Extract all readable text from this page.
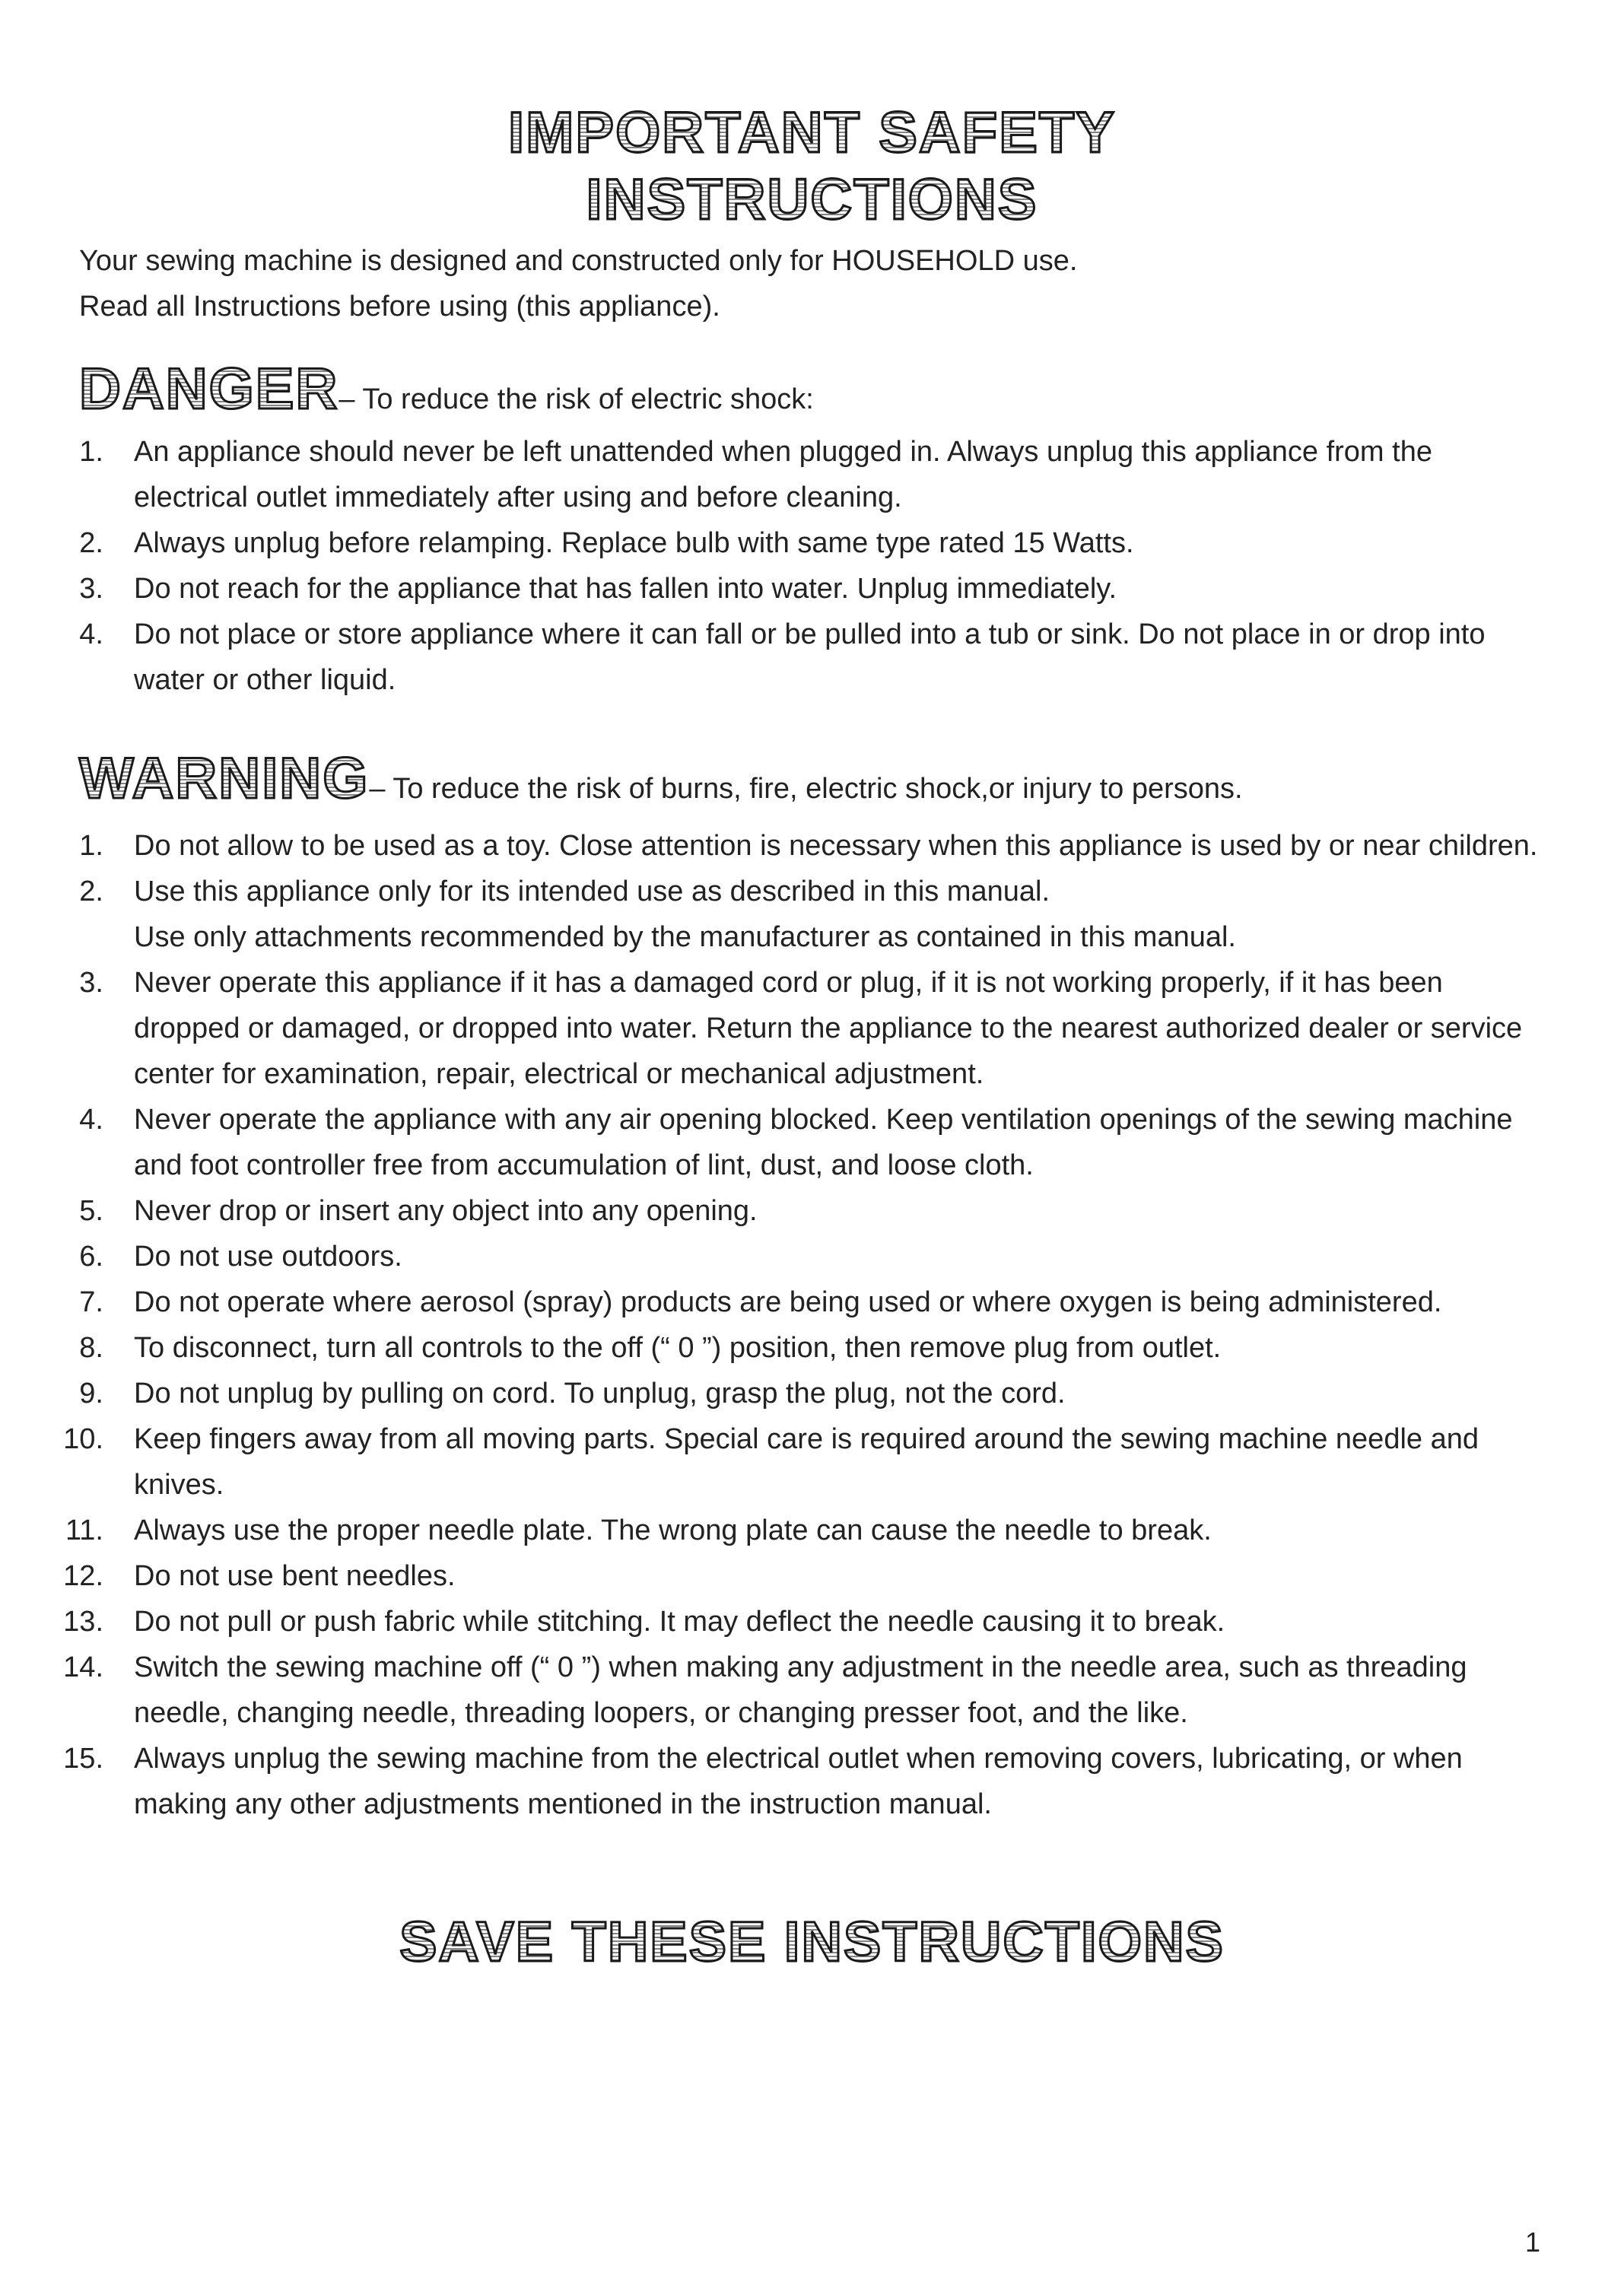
IMPORTANT SAFETY
INSTRUCTIONS
Your sewing machine is designed and constructed only for HOUSEHOLD use.
Read all Instructions before using (this appliance).
DANGER– To reduce the risk of electric shock:
1. An appliance should never be left unattended when plugged in. Always unplug this appliance from the electrical outlet immediately after using and before cleaning.
2. Always unplug before relamping. Replace bulb with same type rated 15 Watts.
3. Do not reach for the appliance that has fallen into water. Unplug immediately.
4. Do not place or store appliance where it can fall or be pulled into a tub or sink. Do not place in or drop into water or other liquid.
WARNING– To reduce the risk of burns, fire, electric shock,or injury to persons.
1. Do not allow to be used as a toy. Close attention is necessary when this appliance is used by or near children.
2. Use this appliance only for its intended use as described in this manual.
Use only attachments recommended by the manufacturer as contained in this manual.
3. Never operate this appliance if it has a damaged cord or plug, if it is not working properly, if it has been dropped or damaged, or dropped into water. Return the appliance to the nearest authorized dealer or service center for examination, repair, electrical or mechanical adjustment.
4. Never operate the appliance with any air opening blocked. Keep ventilation openings of the sewing machine and foot controller free from accumulation of lint, dust, and loose cloth.
5. Never drop or insert any object into any opening.
6. Do not use outdoors.
7. Do not operate where aerosol (spray) products are being used or where oxygen is being administered.
8. To disconnect, turn all controls to the off (“ 0 ”) position, then remove plug from outlet.
9. Do not unplug by pulling on cord. To unplug, grasp the plug, not the cord.
10. Keep fingers away from all moving parts. Special care is required around the sewing machine needle and knives.
11. Always use the proper needle plate. The wrong plate can cause the needle to break.
12. Do not use bent needles.
13. Do not pull or push fabric while stitching. It may deflect the needle causing it to break.
14. Switch the sewing machine off (“ 0 ”) when making any adjustment in the needle area, such as threading needle, changing needle, threading loopers, or changing presser foot, and the like.
15. Always unplug the sewing machine from the electrical outlet when removing covers, lubricating, or when making any other adjustments mentioned in the instruction manual.
SAVE THESE INSTRUCTIONS
1
